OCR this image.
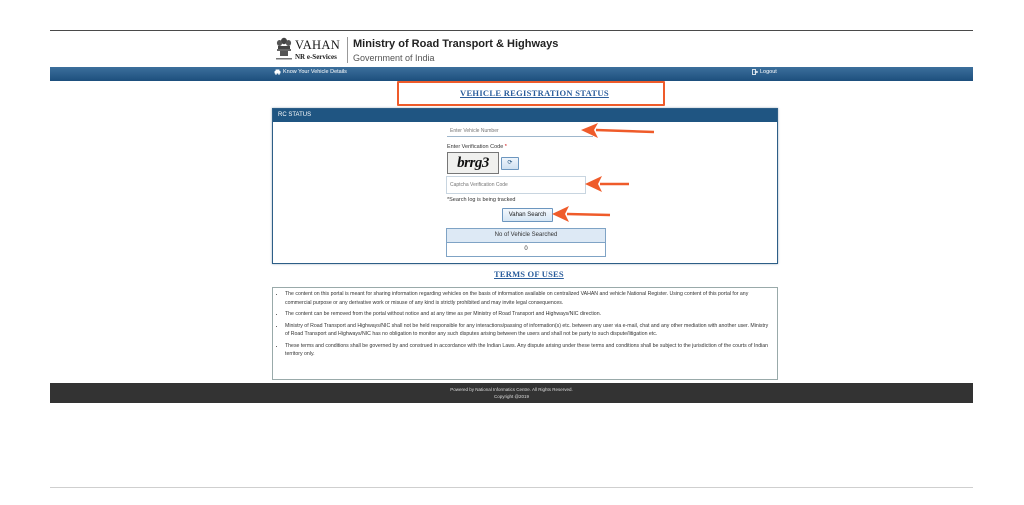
VAHAN
NR e-Services
Ministry of Road Transport & Highways
Government of India
Know Your Vehicle Details	Logout
VEHICLE REGISTRATION STATUS
RC STATUS
Enter Vehicle Number
Enter Verification Code *
brrg3	⟳
Captcha Verification Code
*Search log is being tracked
Vahan Search
No of Vehicle Searched
0
TERMS OF USES
• The content on this portal is meant for sharing information regarding vehicles on the basis of information available on centralized VAHAN and vehicle National Register. Using content of this portal for any commercial purpose or any derivative work or misuse of any kind is strictly prohibited and may invite legal consequences.
• The content can be removed from the portal without notice and at any time as per Ministry of Road Transport and Highways/NIC direction.
• Ministry of Road Transport and Highways/NIC shall not be held responsible for any interactions/passing of information(s) etc. between any user via e-mail, chat and any other mediation with another user. Ministry of Road Transport and Highways/NIC has no obligation to monitor any such disputes arising between the users and shall not be party to such dispute/litigation etc.
• These terms and conditions shall be governed by and construed in accordance with the Indian Laws. Any dispute arising under these terms and conditions shall be subject to the jurisdiction of the courts of Indian territory only.
Powered by National Informatics Centre. All Rights Reserved.
Copyright @2019
